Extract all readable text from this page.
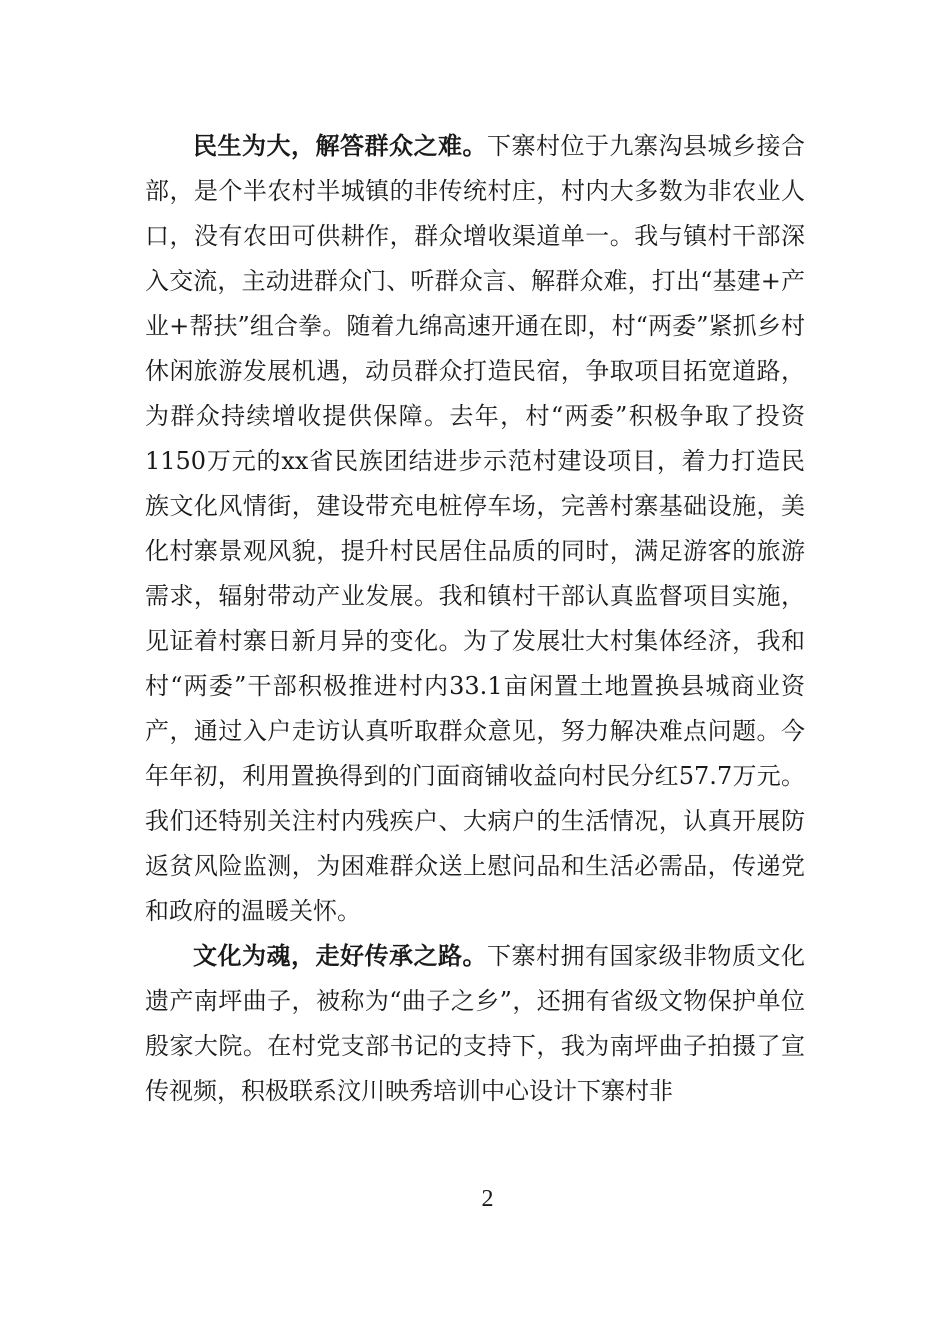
民生为大，解答群众之难。下寨村位于九寨沟县城乡接合部，是个半农村半城镇的非传统村庄，村内大多数为非农业人口，没有农田可供耕作，群众增收渠道单一。我与镇村干部深入交流，主动进群众门、听群众言、解群众难，打出“基建+产业+帮扶”组合拳。随着九绵高速开通在即，村“两委”紧抓乡村休闲旅游发展机遇，动员群众打造民宿，争取项目拓宽道路，为群众持续增收提供保障。去年，村“两委”积极争取了投资1150万元的xx省民族团结进步示范村建设项目，着力打造民族文化风情街，建设带充电桩停车场，完善村寨基础设施，美化村寨景观风貌，提升村民居住品质的同时，满足游客的旅游需求，辐射带动产业发展。我和镇村干部认真监督项目实施，见证着村寨日新月异的变化。为了发展壮大村集体经济，我和村“两委”干部积极推进村内33.1亩闲置土地置换县城商业资产，通过入户走访认真听取群众意见，努力解决难点问题。今年年初，利用置换得到的门面商铺收益向村民分红57.7万元。我们还特别关注村内残疾户、大病户的生活情况，认真开展防返贫风险监测，为困难群众送上慰问品和生活必需品，传递党和政府的温暖关怀。

文化为魂，走好传承之路。下寨村拥有国家级非物质文化遗产南坪曲子，被称为“曲子之乡”，还拥有省级文物保护单位殷家大院。在村党支部书记的支持下，我为南坪曲子拍摄了宣传视频，积极联系汶川映秀培训中心设计下寨村非

2
